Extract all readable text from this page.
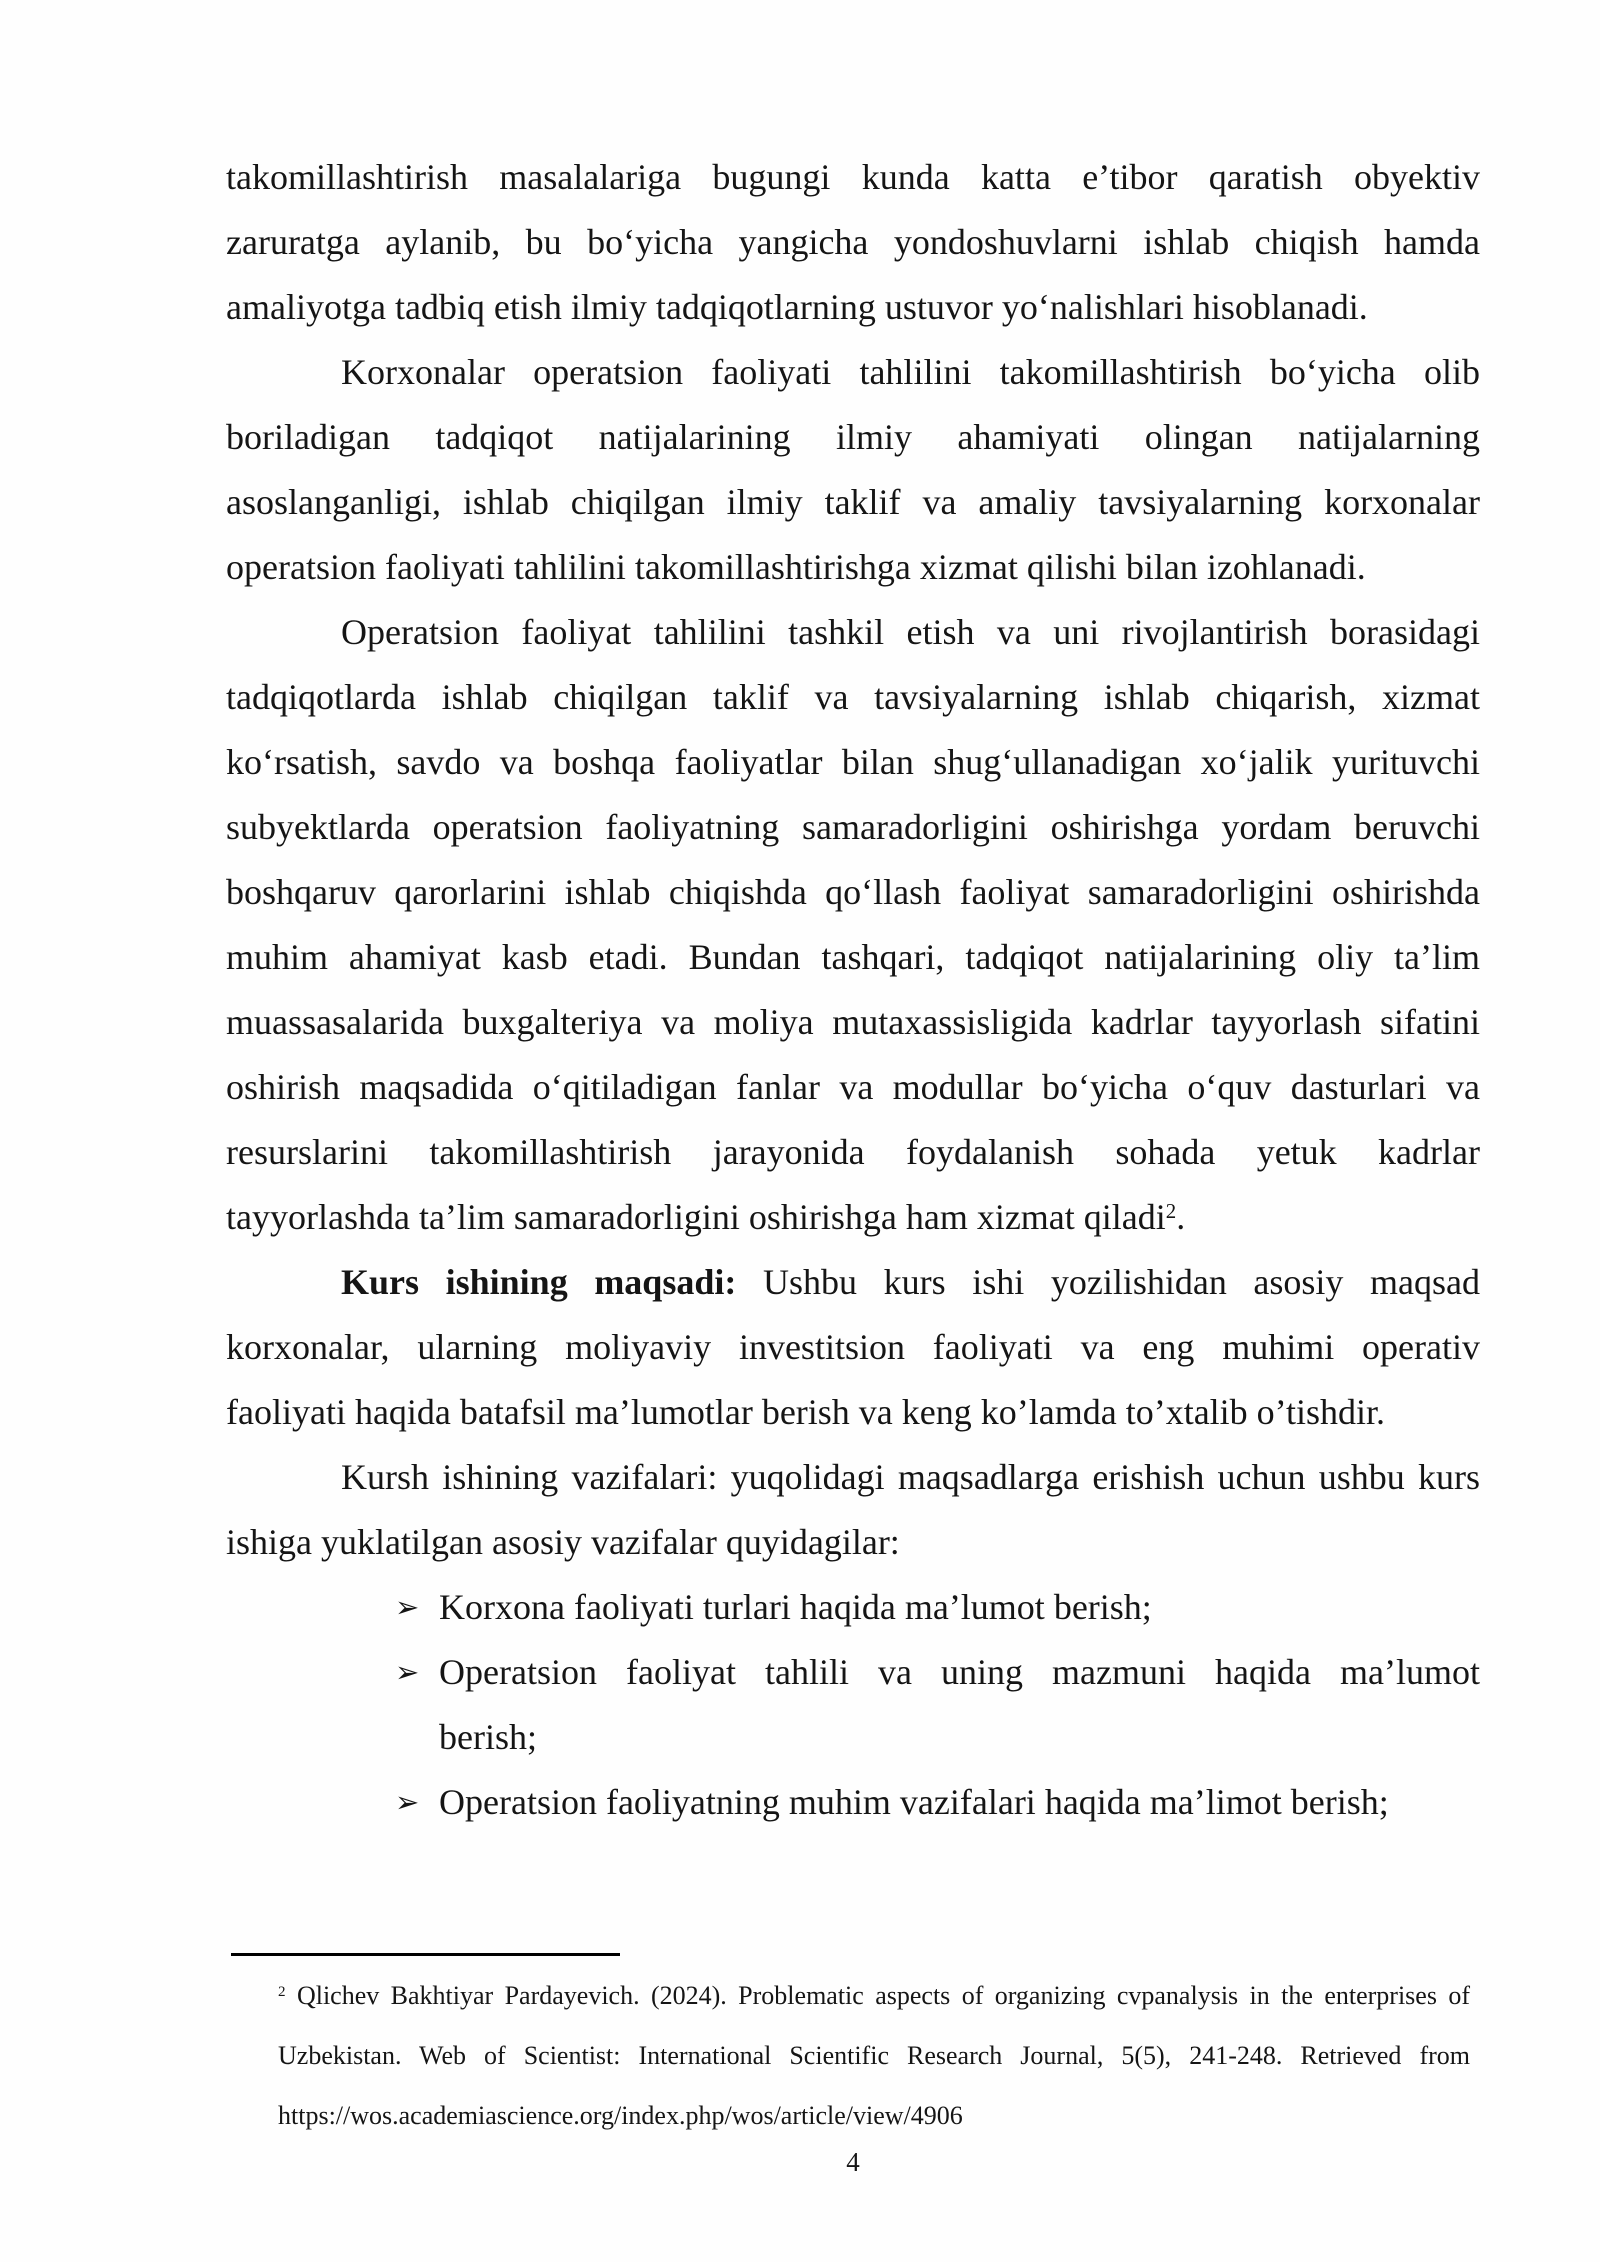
takomillashtirish masalalariga bugungi kunda katta e’tibor qaratish obyektiv
zaruratga aylanib, bu bo‘yicha yangicha yondoshuvlarni ishlab chiqish hamda
amaliyotga tadbiq etish ilmiy tadqiqotlarning ustuvor yo‘nalishlari hisoblanadi.
Korxonalar operatsion faoliyati tahlilini takomillashtirish bo‘yicha olib
boriladigan tadqiqot natijalarining ilmiy ahamiyati olingan natijalarning
asoslanganligi, ishlab chiqilgan ilmiy taklif va amaliy tavsiyalarning korxonalar
operatsion faoliyati tahlilini takomillashtirishga xizmat qilishi bilan izohlanadi.
Operatsion faoliyat tahlilini tashkil etish va uni rivojlantirish borasidagi
tadqiqotlarda ishlab chiqilgan taklif va tavsiyalarning ishlab chiqarish, xizmat
ko‘rsatish, savdo va boshqa faoliyatlar bilan shug‘ullanadigan xo‘jalik yurituvchi
subyektlarda operatsion faoliyatning samaradorligini oshirishga yordam beruvchi
boshqaruv qarorlarini ishlab chiqishda qo‘llash faoliyat samaradorligini oshirishda
muhim ahamiyat kasb etadi. Bundan tashqari, tadqiqot natijalarining oliy ta’lim
muassasalarida buxgalteriya va moliya mutaxassisligida kadrlar tayyorlash sifatini
oshirish maqsadida o‘qitiladigan fanlar va modullar bo‘yicha o‘quv dasturlari va
resurslarini takomillashtirish jarayonida foydalanish sohada yetuk kadrlar
tayyorlashda ta’lim samaradorligini oshirishga ham xizmat qiladi$^2$.
Kurs ishining maqsadi: Ushbu kurs ishi yozilishidan asosiy maqsad
korxonalar, ularning moliyaviy investitsion faoliyati va eng muhimi operativ
faoliyati haqida batafsil ma’lumotlar berish va keng ko’lamda to’xtalib o’tishdir.
Kursh ishining vazifalari: yuqolidagi maqsadlarga erishish uchun ushbu kurs
ishiga yuklatilgan asosiy vazifalar quyidagilar:
➢ Korxona faoliyati turlari haqida ma’lumot berish;
➢ Operatsion faoliyat tahlili va uning mazmuni haqida ma’lumot
berish;
➢ Operatsion faoliyatning muhim vazifalari haqida ma’limot berish;
$^2$ Qlichev Bakhtiyar Pardayevich. (2024). Problematic aspects of organizing cvpanalysis in the enterprises of
Uzbekistan. Web of Scientist: International Scientific Research Journal, 5(5), 241-248. Retrieved from
https://wos.academiascience.org/index.php/wos/article/view/4906
4
